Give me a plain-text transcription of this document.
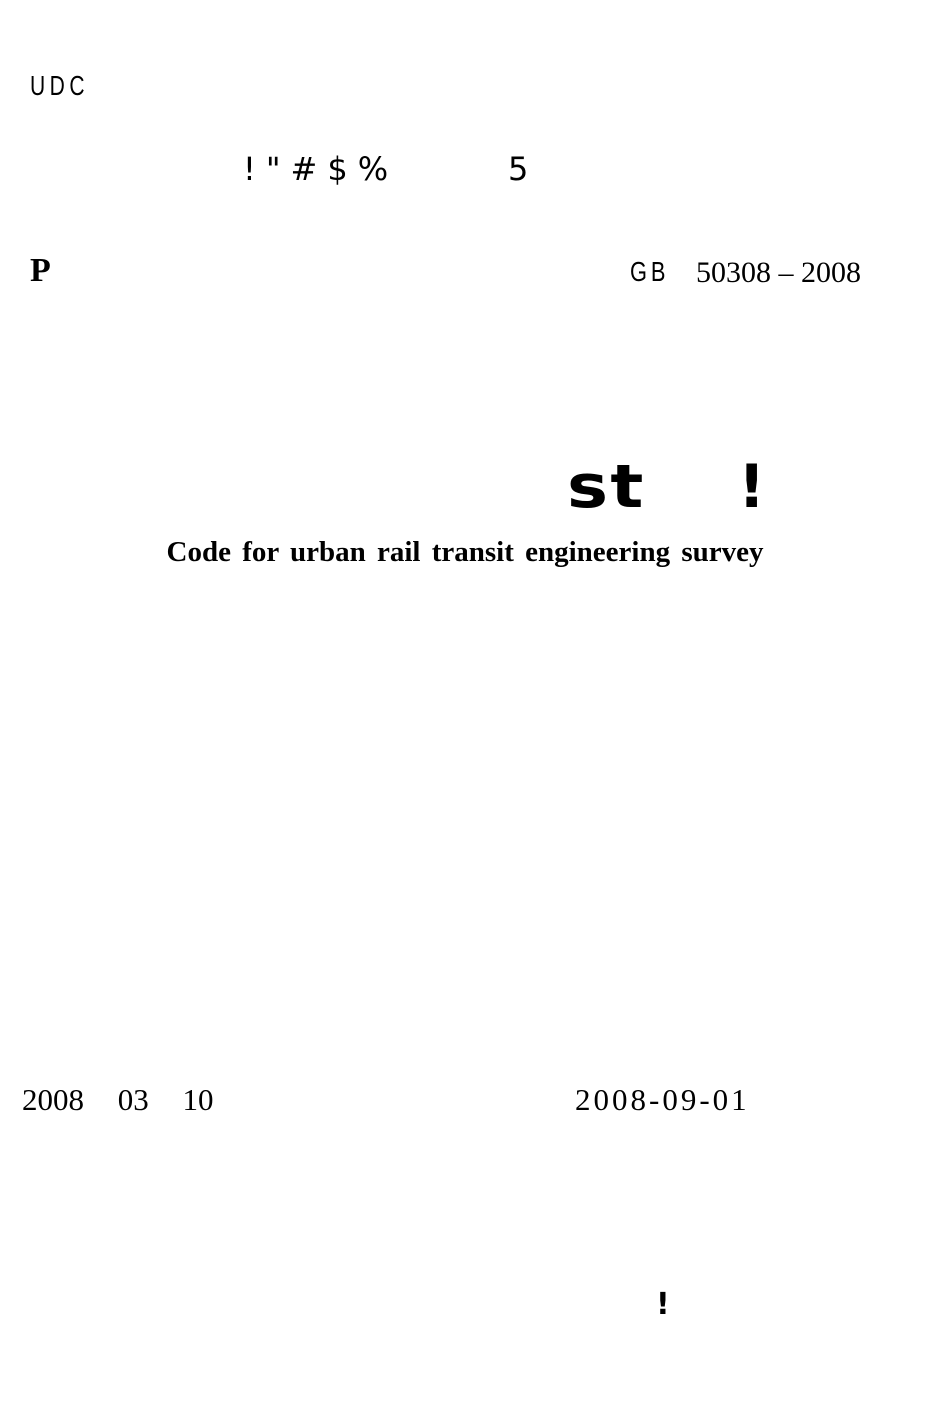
UDC
!"#$%	5
P	GB 50308 – 2008
st !
Code for urban rail transit engineering survey
2008 03 10	2008-09-01
!
